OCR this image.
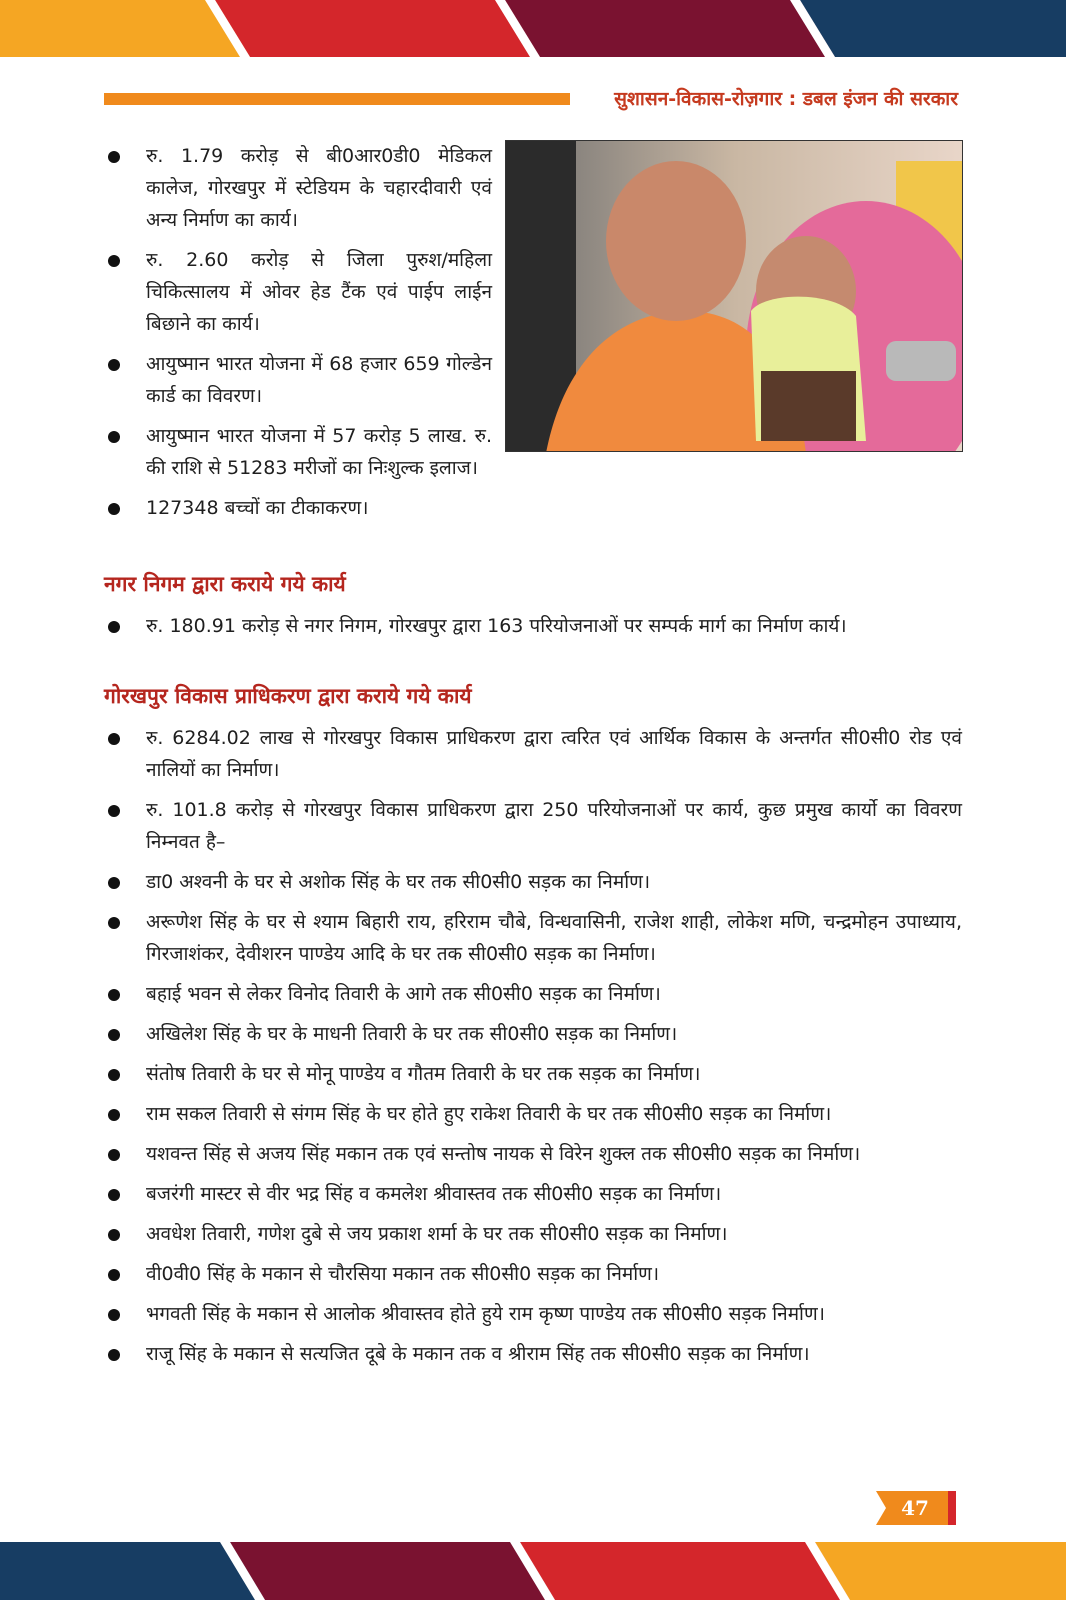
सुशासन-विकास-रोज़गार : डबल इंजन की सरकार
रु. 1.79 करोड़ से बी0आर0डी0 मेडिकल कालेज, गोरखपुर में स्टेडियम के चहारदीवारी एवं अन्य निर्माण का कार्य।
रु. 2.60 करोड़ से जिला पुरुश/महिला चिकित्सालय में ओवर हेड टैंक एवं पाईप लाईन बिछाने का कार्य।
आयुष्मान भारत योजना में 68 हजार 659 गोल्डेन कार्ड का विवरण।
आयुष्मान भारत योजना में 57 करोड़ 5 लाख. रु. की राशि से 51283 मरीजों का निःशुल्क इलाज।
127348 बच्चों का टीकाकरण।
नगर निगम द्वारा कराये गये कार्य
रु. 180.91 करोड़ से नगर निगम, गोरखपुर द्वारा 163 परियोजनाओं पर सम्पर्क मार्ग का निर्माण कार्य।
गोरखपुर विकास प्राधिकरण द्वारा कराये गये कार्य
रु. 6284.02 लाख से गोरखपुर विकास प्राधिकरण द्वारा त्वरित एवं आर्थिक विकास के अन्तर्गत सी0सी0 रोड एवं नालियों का निर्माण।
रु. 101.8 करोड़ से गोरखपुर विकास प्राधिकरण द्वारा 250 परियोजनाओं पर कार्य, कुछ प्रमुख कार्यो का विवरण निम्नवत है–
डा0 अश्वनी के घर से अशोक सिंह के घर तक सी0सी0 सड़क का निर्माण।
अरूणेश सिंह के घर से श्याम बिहारी राय, हरिराम चौबे, विन्धवासिनी, राजेश शाही, लोकेश मणि, चन्द्रमोहन उपाध्याय, गिरजाशंकर, देवीशरन पाण्डेय आदि के घर तक सी0सी0 सड़क का निर्माण।
बहाई भवन से लेकर विनोद तिवारी के आगे तक सी0सी0 सड़क का निर्माण।
अखिलेश सिंह के घर के माधनी तिवारी के घर तक सी0सी0 सड़क का निर्माण।
संतोष तिवारी के घर से मोनू पाण्डेय व गौतम तिवारी के घर तक सड़क का निर्माण।
राम सकल तिवारी से संगम सिंह के घर होते हुए राकेश तिवारी के घर तक सी0सी0 सड़क का निर्माण।
यशवन्त सिंह से अजय सिंह मकान तक एवं सन्तोष नायक से विरेन शुक्ल तक सी0सी0 सड़क का निर्माण।
बजरंगी मास्टर से वीर भद्र सिंह व कमलेश श्रीवास्तव तक सी0सी0 सड़क का निर्माण।
अवधेश तिवारी, गणेश दुबे से जय प्रकाश शर्मा के घर तक सी0सी0 सड़क का निर्माण।
वी0वी0 सिंह के मकान से चौरसिया मकान तक सी0सी0 सड़क का निर्माण।
भगवती सिंह के मकान से आलोक श्रीवास्तव होते हुये राम कृष्ण पाण्डेय तक सी0सी0 सड़क निर्माण।
राजू सिंह के मकान से सत्यजित दूबे के मकान तक व श्रीराम सिंह तक सी0सी0 सड़क का निर्माण।
47
